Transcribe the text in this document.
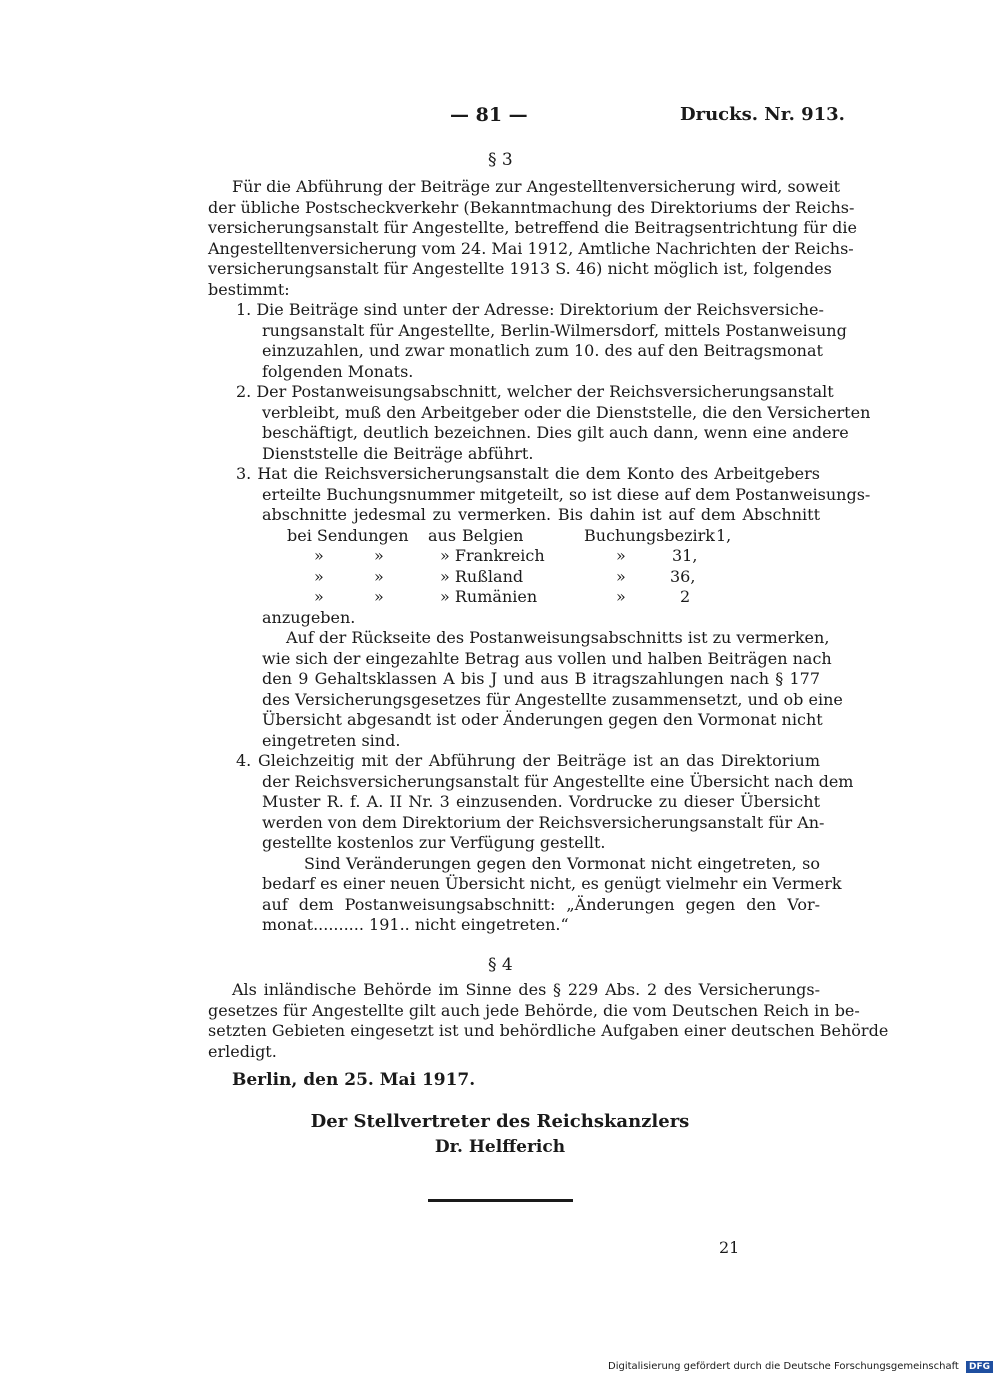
— 81 —	Drucks. Nr. 913.
§ 3
Für die Abführung der Beiträge zur Angestelltenversicherung wird, soweit
der übliche Postscheckverkehr (Bekanntmachung des Direktoriums der Reichs-
versicherungsanstalt für Angestellte, betreffend die Beitragsentrichtung für die
Angestelltenversicherung vom 24. Mai 1912, Amtliche Nachrichten der Reichs-
versicherungsanstalt für Angestellte 1913 S. 46) nicht möglich ist, folgendes
bestimmt:
1. Die Beiträge sind unter der Adresse: Direktorium der Reichsversiche-
rungsanstalt für Angestellte, Berlin-Wilmersdorf, mittels Postanweisung
einzuzahlen, und zwar monatlich zum 10. des auf den Beitragsmonat
folgenden Monats.
2. Der Postanweisungsabschnitt, welcher der Reichsversicherungsanstalt
verbleibt, muß den Arbeitgeber oder die Dienststelle, die den Versicherten
beschäftigt, deutlich bezeichnen. Dies gilt auch dann, wenn eine andere
Dienststelle die Beiträge abführt.
3. Hat die Reichsversicherungsanstalt die dem Konto des Arbeitgebers
erteilte Buchungsnummer mitgeteilt, so ist diese auf dem Postanweisungs-
abschnitte jedesmal zu vermerken. Bis dahin ist auf dem Abschnitt
bei Sendungen aus Belgien	Buchungsbezirk 1,
»	»	» Frankreich	»	31,
»	»	» Rußland	»	36,
»	»	» Rumänien	»	2
anzugeben.
Auf der Rückseite des Postanweisungsabschnitts ist zu vermerken,
wie sich der eingezahlte Betrag aus vollen und halben Beiträgen nach
den 9 Gehaltsklassen A bis J und aus B itragszahlungen nach § 177
des Versicherungsgesetzes für Angestellte zusammensetzt, und ob eine
Übersicht abgesandt ist oder Änderungen gegen den Vormonat nicht
eingetreten sind.
4. Gleichzeitig mit der Abführung der Beiträge ist an das Direktorium
der Reichsversicherungsanstalt für Angestellte eine Übersicht nach dem
Muster R. f. A. II Nr. 3 einzusenden. Vordrucke zu dieser Übersicht
werden von dem Direktorium der Reichsversicherungsanstalt für An-
gestellte kostenlos zur Verfügung gestellt.
Sind Veränderungen gegen den Vormonat nicht eingetreten, so
bedarf es einer neuen Übersicht nicht, es genügt vielmehr ein Vermerk
auf dem Postanweisungsabschnitt: „Änderungen gegen den Vor-
monat.......... 191.. nicht eingetreten.“
§ 4
Als inländische Behörde im Sinne des § 229 Abs. 2 des Versicherungs-
gesetzes für Angestellte gilt auch jede Behörde, die vom Deutschen Reich in be-
setzten Gebieten eingesetzt ist und behördliche Aufgaben einer deutschen Behörde
erledigt.
Berlin, den 25. Mai 1917.
Der Stellvertreter des Reichskanzlers
Dr. Helfferich
21
Digitalisierung gefördert durch die Deutsche Forschungsgemeinschaft DFG
